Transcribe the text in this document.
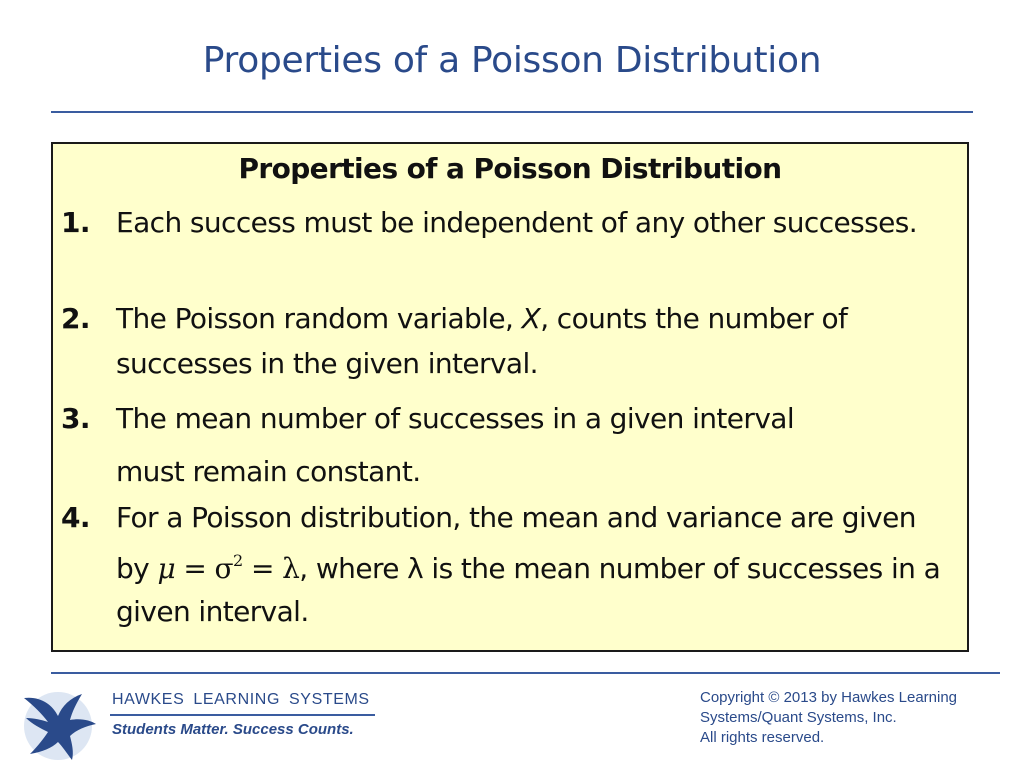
Properties of a Poisson Distribution
Properties of a Poisson Distribution
1. Each success must be independent of any other successes.
2. The Poisson random variable, X, counts the number of successes in the given interval.
3. The mean number of successes in a given interval
must remain constant.
4. For a Poisson distribution, the mean and variance are given by $\mu = \sigma^2 = \lambda$, where λ is the mean number of successes in a given interval.
HAWKES LEARNING SYSTEMS
Students Matter. Success Counts.
Copyright © 2013 by Hawkes Learning
Systems/Quant Systems, Inc.
All rights reserved.
